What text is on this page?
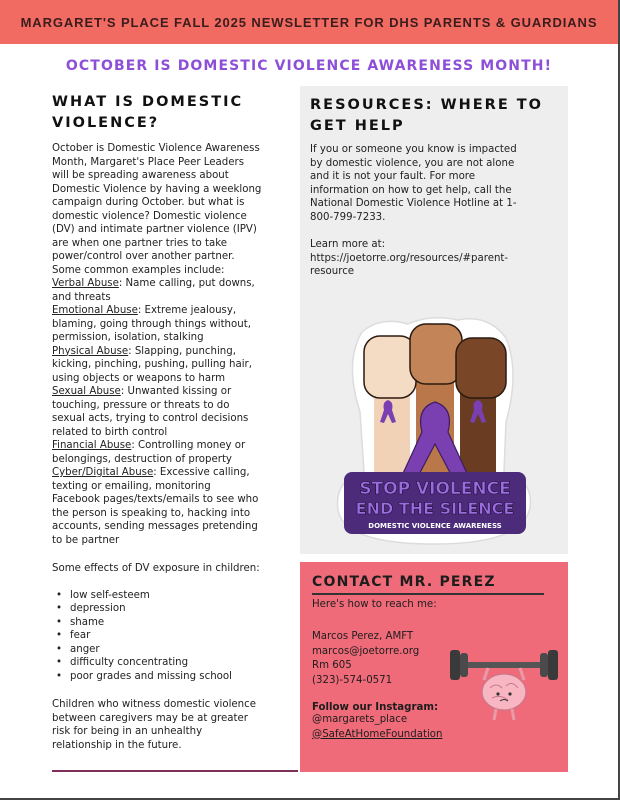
MARGARET'S PLACE FALL 2025 NEWSLETTER FOR DHS PARENTS & GUARDIANS
OCTOBER IS DOMESTIC VIOLENCE AWARENESS MONTH!
WHAT IS DOMESTIC
VIOLENCE?
October is Domestic Violence Awareness
Month, Margaret's Place Peer Leaders
will be spreading awareness about
Domestic Violence by having a weeklong
campaign during October. but what is
domestic violence? Domestic violence
(DV) and intimate partner violence (IPV)
are when one partner tries to take
power/control over another partner.
Some common examples include:
Verbal Abuse: Name calling, put downs,
and threats
Emotional Abuse: Extreme jealousy,
blaming, going through things without,
permission, isolation, stalking
Physical Abuse: Slapping, punching,
kicking, pinching, pushing, pulling hair,
using objects or weapons to harm
Sexual Abuse: Unwanted kissing or
touching, pressure or threats to do
sexual acts, trying to control decisions
related to birth control
Financial Abuse: Controlling money or
belongings, destruction of property
Cyber/Digital Abuse: Excessive calling,
texting or emailing, monitoring
Facebook pages/texts/emails to see who
the person is speaking to, hacking into
accounts, sending messages pretending
to be partner
Some effects of DV exposure in children:
• low self-esteem
• depression
• shame
• fear
• anger
• difficulty concentrating
• poor grades and missing school
Children who witness domestic violence
between caregivers may be at greater
risk for being in an unhealthy
relationship in the future.
RESOURCES: WHERE TO
GET HELP
If you or someone you know is impacted
by domestic violence, you are not alone
and it is not your fault. For more
information on how to get help, call the
National Domestic Violence Hotline at 1-
800-799-7233.
Learn more at:
https://joetorre.org/resources/#parent-
resource
STOP VIOLENCE
END THE SILENCE
DOMESTIC VIOLENCE AWARENESS
CONTACT MR. PEREZ
Here's how to reach me:
Marcos Perez, AMFT
marcos@joetorre.org
Rm 605
(323)-574-0571
Follow our Instagram:
@margarets_place
@SafeAtHomeFoundation
